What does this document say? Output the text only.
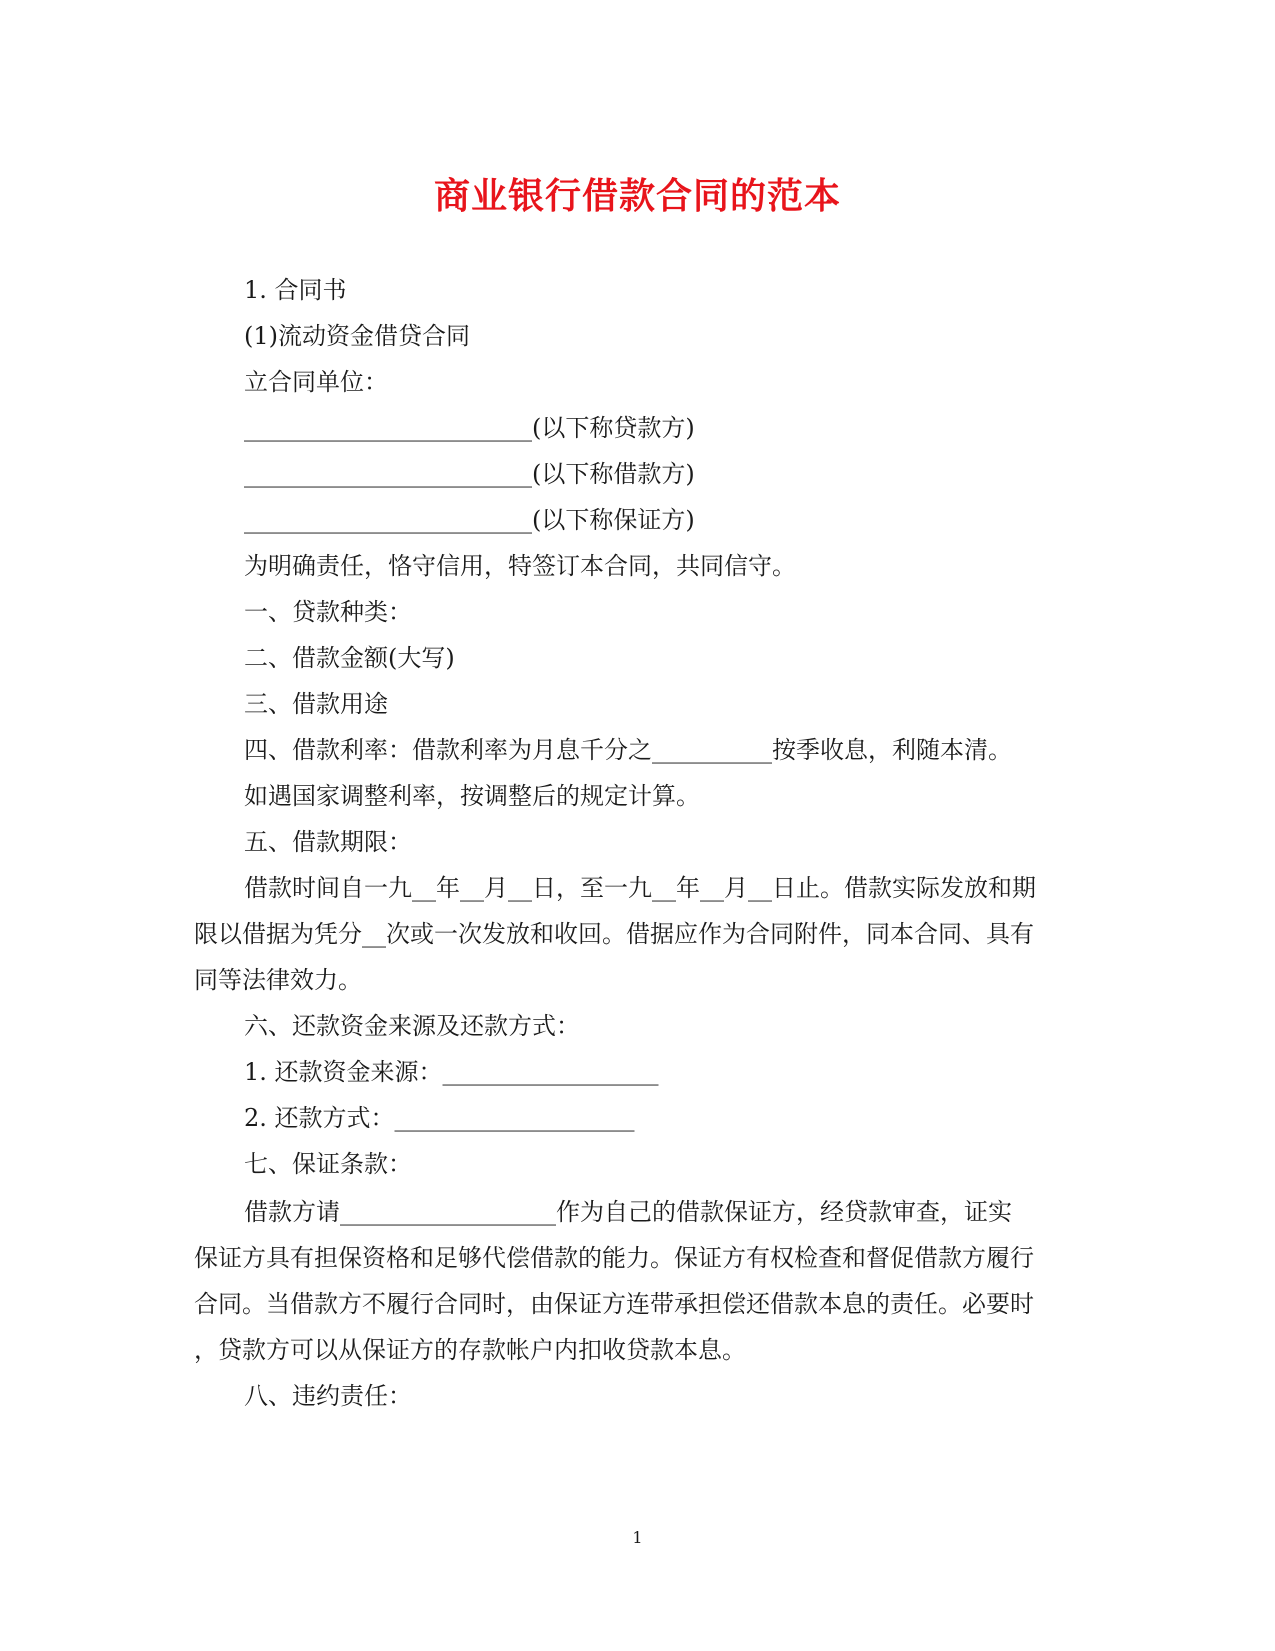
商业银行借款合同的范本

1. 合同书

(1)流动资金借贷合同

立合同单位：

________________________(以下称贷款方)

________________________(以下称借款方)

________________________(以下称保证方)

为明确责任，恪守信用，特签订本合同，共同信守。

一、贷款种类：

二、借款金额(大写)

三、借款用途

四、借款利率：借款利率为月息千分之__________按季收息，利随本清。

如遇国家调整利率，按调整后的规定计算。

五、借款期限：

借款时间自一九__年__月__日，至一九__年__月__日止。借款实际发放和期

限以借据为凭分__次或一次发放和收回。借据应作为合同附件，同本合同、具有

同等法律效力。

六、还款资金来源及还款方式：

1. 还款资金来源：__________________

2. 还款方式：____________________

七、保证条款：

借款方请__________________作为自己的借款保证方，经贷款审查，证实

保证方具有担保资格和足够代偿借款的能力。保证方有权检查和督促借款方履行

合同。当借款方不履行合同时，由保证方连带承担偿还借款本息的责任。必要时

，贷款方可以从保证方的存款帐户内扣收贷款本息。

八、违约责任：

1
